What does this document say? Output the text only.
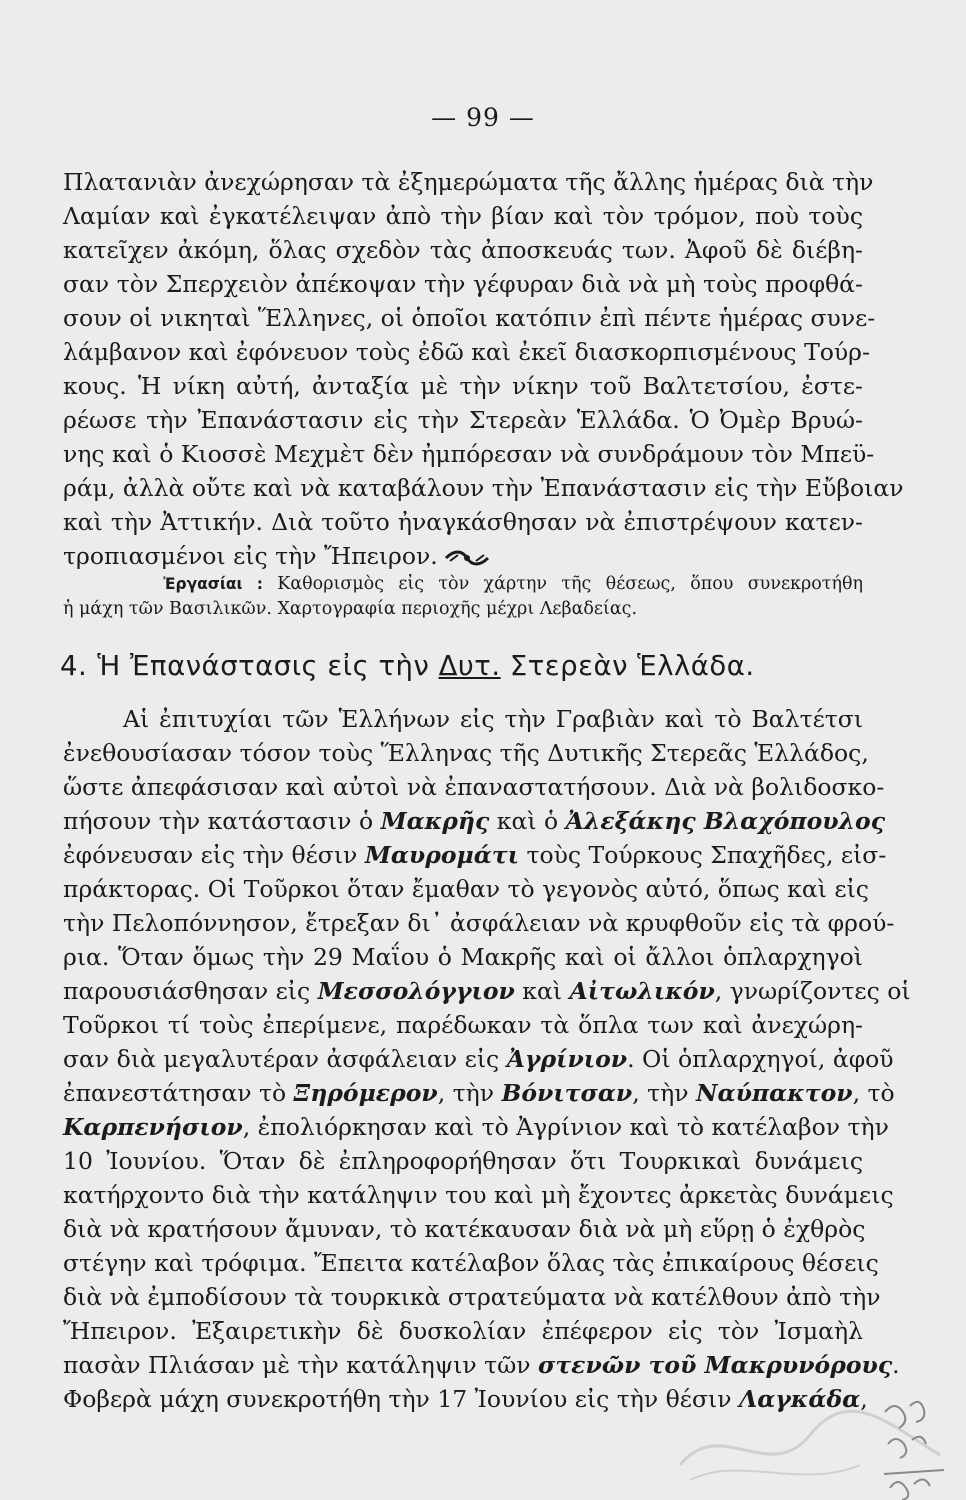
— 99 —
Πλατανιὰν ἀνεχώρησαν τὰ ἐξημερώματα τῆς ἄλλης ἡμέρας διὰ τὴν
Λαμίαν καὶ ἐγκατέλειψαν ἀπὸ τὴν βίαν καὶ τὸν τρόμον, ποὺ τοὺς
κατεῖχεν ἀκόμη, ὅλας σχεδὸν τὰς ἀποσκευάς των. Ἀφοῦ δὲ διέβη-
σαν τὸν Σπερχειὸν ἀπέκοψαν τὴν γέφυραν διὰ νὰ μὴ τοὺς προφθά-
σουν οἱ νικηταὶ Ἕλληνες, οἱ ὁποῖοι κατόπιν ἐπὶ πέντε ἡμέρας συνε-
λάμβανον καὶ ἐφόνευον τοὺς ἐδῶ καὶ ἐκεῖ διασκορπισμένους Τούρ-
κους. Ἡ νίκη αὐτή, ἀνταξία μὲ τὴν νίκην τοῦ Βαλτετσίου, ἐστε-
ρέωσε τὴν Ἐπανάστασιν εἰς τὴν Στερεὰν Ἑλλάδα. Ὁ Ὀμὲρ Βρυώ-
νης καὶ ὁ Κιοσσὲ Μεχμὲτ δὲν ἠμπόρεσαν νὰ συνδράμουν τὸν Μπεϋ-
ράμ, ἀλλὰ οὔτε καὶ νὰ καταβάλουν τὴν Ἐπανάστασιν εἰς τὴν Εὔβοιαν
καὶ τὴν Ἀττικήν. Διὰ τοῦτο ἠναγκάσθησαν νὰ ἐπιστρέψουν κατεν-
τροπιασμένοι εἰς τὴν Ἤπειρον.
Ἐργασίαι : Καθορισμὸς εἰς τὸν χάρτην τῆς θέσεως, ὅπου συνεκροτήθη
ἡ μάχη τῶν Βασιλικῶν. Χαρτογραφία περιοχῆς μέχρι Λεβαδείας.
4. Ἡ Ἐπανάστασις εἰς τὴν Δυτ. Στερεὰν Ἑλλάδα.
Αἱ ἐπιτυχίαι τῶν Ἑλλήνων εἰς τὴν Γραβιὰν καὶ τὸ Βαλτέτσι
ἐνεθουσίασαν τόσον τοὺς Ἕλληνας τῆς Δυτικῆς Στερεᾶς Ἑλλάδος,
ὥστε ἀπεφάσισαν καὶ αὐτοὶ νὰ ἐπαναστατήσουν. Διὰ νὰ βολιδοσκο-
πήσουν τὴν κατάστασιν ὁ Μακρῆς καὶ ὁ Ἀλεξάκης Βλαχόπουλος
ἐφόνευσαν εἰς τὴν θέσιν Μαυρομάτι τοὺς Τούρκους Σπαχῆδες, εἰσ-
πράκτορας. Οἱ Τοῦρκοι ὅταν ἔμαθαν τὸ γεγονὸς αὐτό, ὅπως καὶ εἰς
τὴν Πελοπόννησον, ἔτρεξαν δι᾿ ἀσφάλειαν νὰ κρυφθοῦν εἰς τὰ φρού-
ρια. Ὅταν ὅμως τὴν 29 Μαΐου ὁ Μακρῆς καὶ οἱ ἄλλοι ὁπλαρχηγοὶ
παρουσιάσθησαν εἰς Μεσσολόγγιον καὶ Αἰτωλικόν, γνωρίζοντες οἱ
Τοῦρκοι τί τοὺς ἐπερίμενε, παρέδωκαν τὰ ὅπλα των καὶ ἀνεχώρη-
σαν διὰ μεγαλυτέραν ἀσφάλειαν εἰς Ἀγρίνιον. Οἱ ὁπλαρχηγοί, ἀφοῦ
ἐπανεστάτησαν τὸ Ξηρόμερον, τὴν Βόνιτσαν, τὴν Ναύπακτον, τὸ
Καρπενήσιον, ἐπολιόρκησαν καὶ τὸ Ἀγρίνιον καὶ τὸ κατέλαβον τὴν
10 Ἰουνίου. Ὅταν δὲ ἐπληροφορήθησαν ὅτι Τουρκικαὶ δυνάμεις
κατήρχοντο διὰ τὴν κατάληψιν του καὶ μὴ ἔχοντες ἀρκετὰς δυνάμεις
διὰ νὰ κρατήσουν ἄμυναν, τὸ κατέκαυσαν διὰ νὰ μὴ εὕρῃ ὁ ἐχθρὸς
στέγην καὶ τρόφιμα. Ἔπειτα κατέλαβον ὅλας τὰς ἐπικαίρους θέσεις
διὰ νὰ ἐμποδίσουν τὰ τουρκικὰ στρατεύματα νὰ κατέλθουν ἀπὸ τὴν
Ἤπειρον. Ἐξαιρετικὴν δὲ δυσκολίαν ἐπέφερον εἰς τὸν Ἰσμαὴλ
πασὰν Πλιάσαν μὲ τὴν κατάληψιν τῶν στενῶν τοῦ Μακρυνόρους.
Φοβερὰ μάχη συνεκροτήθη τὴν 17 Ἰουνίου εἰς τὴν θέσιν Λαγκάδα,
